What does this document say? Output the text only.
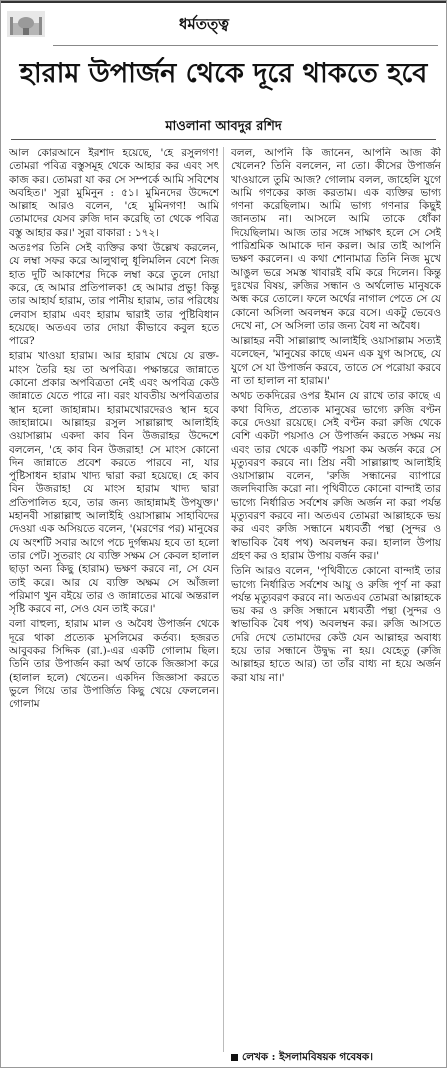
ধর্মতত্ত্ব
হারাম উপার্জন থেকে দূরে থাকতে হবে
মাওলানা আবদুর রশিদ

আল কোরআনে ইরশাদ হয়েছে, 'হে রসুলগণ! তোমরা পবিত্র বস্তুসমূহ থেকে আহার কর এবং সৎ কাজ কর। তোমরা যা কর সে সম্পর্কে আমি সবিশেষ অবহিত।' সুরা মুমিনুন : ৫১। মুমিনদের উদ্দেশে আল্লাহ আরও বলেন, 'হে মুমিনগণ! আমি তোমাদের যেসব রুজি দান করেছি তা থেকে পবিত্র বস্তু আহার কর।' সুরা বাকারা : ১৭২।

অতঃপর তিনি সেই ব্যক্তির কথা উল্লেখ করলেন, যে লম্বা সফর করে আলুথালু ধূলিমলিন বেশে নিজ হাত দুটি আকাশের দিকে লম্বা করে তুলে দোয়া করে, হে আমার প্রতিপালক! হে আমার প্রভু! কিন্তু তার আহার্য হারাম, তার পানীয় হারাম, তার পরিধেয় লেবাস হারাম এবং হারাম দ্বারাই তার পুষ্টিবিধান হয়েছে। অতএব তার দোয়া কীভাবে কবুল হতে পারে?

হারাম খাওয়া হারাম। আর হারাম খেয়ে যে রক্ত-মাংস তৈরি হয় তা অপবিত্র। পক্ষান্তরে জান্নাতে কোনো প্রকার অপবিত্রতা নেই এবং অপবিত্র কেউ জান্নাতে যেতে পারে না। বরং যাবতীয় অপবিত্রতার স্থান হলো জাহান্নাম। হারামখোরদেরও স্থান হবে জাহান্নামে। আল্লাহর রসুল সাল্লাল্লাহু আলাইহি ওয়াসাল্লাম একদা কাব বিন উজরাহর উদ্দেশে বললেন, 'হে কাব বিন উজরাহ! সে মাংস কোনো দিন জান্নাতে প্রবেশ করতে পারবে না, যার পুষ্টিসাধন হারাম খাদ্য দ্বারা করা হয়েছে। হে কাব বিন উজরাহ! যে মাংস হারাম খাদ্য দ্বারা প্রতিপালিত হবে, তার জন্য জাহান্নামই উপযুক্ত।' মহানবী সাল্লাল্লাহু আলাইহি ওয়াসাল্লাম সাহাবিদের দেওয়া এক অসিয়তে বলেন, '(মরণের পর) মানুষের যে অংশটি সবার আগে পচে দুর্গন্ধময় হবে তা হলো তার পেট। সুতরাং যে ব্যক্তি সক্ষম সে কেবল হালাল ছাড়া অন্য কিছু (হারাম) ভক্ষণ করবে না, সে যেন তাই করে। আর যে ব্যক্তি অক্ষম সে আঁজলা পরিমাণ খুন বইয়ে তার ও জান্নাতের মাঝে অন্তরাল সৃষ্টি করবে না, সেও যেন তাই করে।'

বলা বাহুল্য, হারাম মাল ও অবৈধ উপার্জন থেকে দূরে থাকা প্রত্যেক মুসলিমের কর্তব্য। হজরত আবুবকর সিদ্দিক (রা.)-এর একটি গোলাম ছিল। তিনি তার উপার্জন করা অর্থ তাকে জিজ্ঞাসা করে (হালাল হলে) খেতেন। একদিন জিজ্ঞাসা করতে ভুলে গিয়ে তার উপার্জিত কিছু খেয়ে ফেললেন। গোলাম

বলল, আপনি কি জানেন, আপনি আজ কী খেলেন? তিনি বললেন, না তো। কীসের উপার্জন খাওয়ালে তুমি আজ? গোলাম বলল, জাহেলি যুগে আমি গণকের কাজ করতাম। এক ব্যক্তির ভাগ্য গণনা করেছিলাম। আমি ভাগ্য গণনার কিছুই জানতাম না। আসলে আমি তাকে ধোঁকা দিয়েছিলাম। আজ তার সঙ্গে সাক্ষাৎ হলে সে সেই পারিশ্রমিক আমাকে দান করল। আর তাই আপনি ভক্ষণ করলেন। এ কথা শোনামাত্র তিনি নিজ মুখে আঙুল ভরে সমস্ত খাবারই বমি করে দিলেন। কিন্তু দুঃখের বিষয়, রুজির সন্ধান ও অর্থলোভ মানুষকে অন্ধ করে তোলে। ফলে অর্থের নাগাল পেতে সে যে কোনো অসিলা অবলম্বন করে বসে। একটু ভেবেও দেখে না, সে অসিলা তার জন্য বৈধ না অবৈধ।

আল্লাহর নবী সাল্লাল্লাহু আলাইহি ওয়াসাল্লাম সত্যই বলেছেন, 'মানুষের কাছে এমন এক যুগ আসছে, যে যুগে সে যা উপার্জন করবে, তাতে সে পরোয়া করবে না তা হালাল না হারাম।'

অথচ তকদিরের ওপর ইমান যে রাখে তার কাছে এ কথা বিদিত, প্রত্যেক মানুষের ভাগ্যে রুজি বণ্টন করে দেওয়া রয়েছে। সেই বণ্টন করা রুজি থেকে বেশি একটা পয়সাও সে উপার্জন করতে সক্ষম নয় এবং তার থেকে একটি পয়সা কম অর্জন করে সে মৃত্যুবরণ করবে না। প্রিয় নবী সাল্লাল্লাহু আলাইহি ওয়াসাল্লাম বলেন, 'রুজি সন্ধানের ব্যাপারে জলদিবাজি করো না। পৃথিবীতে কোনো বান্দাই তার ভাগ্যে নির্ধারিত সর্বশেষ রুজি অর্জন না করা পর্যন্ত মৃত্যুবরণ করবে না। অতএব তোমরা আল্লাহকে ভয় কর এবং রুজি সন্ধানে মধ্যবর্তী পন্থা (সুন্দর ও স্বাভাবিক বৈধ পথ) অবলম্বন কর। হালাল উপায় গ্রহণ কর ও হারাম উপায় বর্জন কর।'

তিনি আরও বলেন, 'পৃথিবীতে কোনো বান্দাই তার ভাগ্যে নির্ধারিত সর্বশেষ আয়ু ও রুজি পূর্ণ না করা পর্যন্ত মৃত্যুবরণ করবে না। অতএব তোমরা আল্লাহকে ভয় কর ও রুজি সন্ধানে মধ্যবর্তী পন্থা (সুন্দর ও স্বাভাবিক বৈধ পথ) অবলম্বন কর। রুজি আসতে দেরি দেখে তোমাদের কেউ যেন আল্লাহর অবাধ্য হয়ে তার সন্ধানে উদ্বুদ্ধ না হয়। যেহেতু (রুজি আল্লাহর হাতে আর) তা তাঁর বাধ্য না হয়ে অর্জন করা যায় না।'

লেখক : ইসলামবিষয়ক গবেষক।
